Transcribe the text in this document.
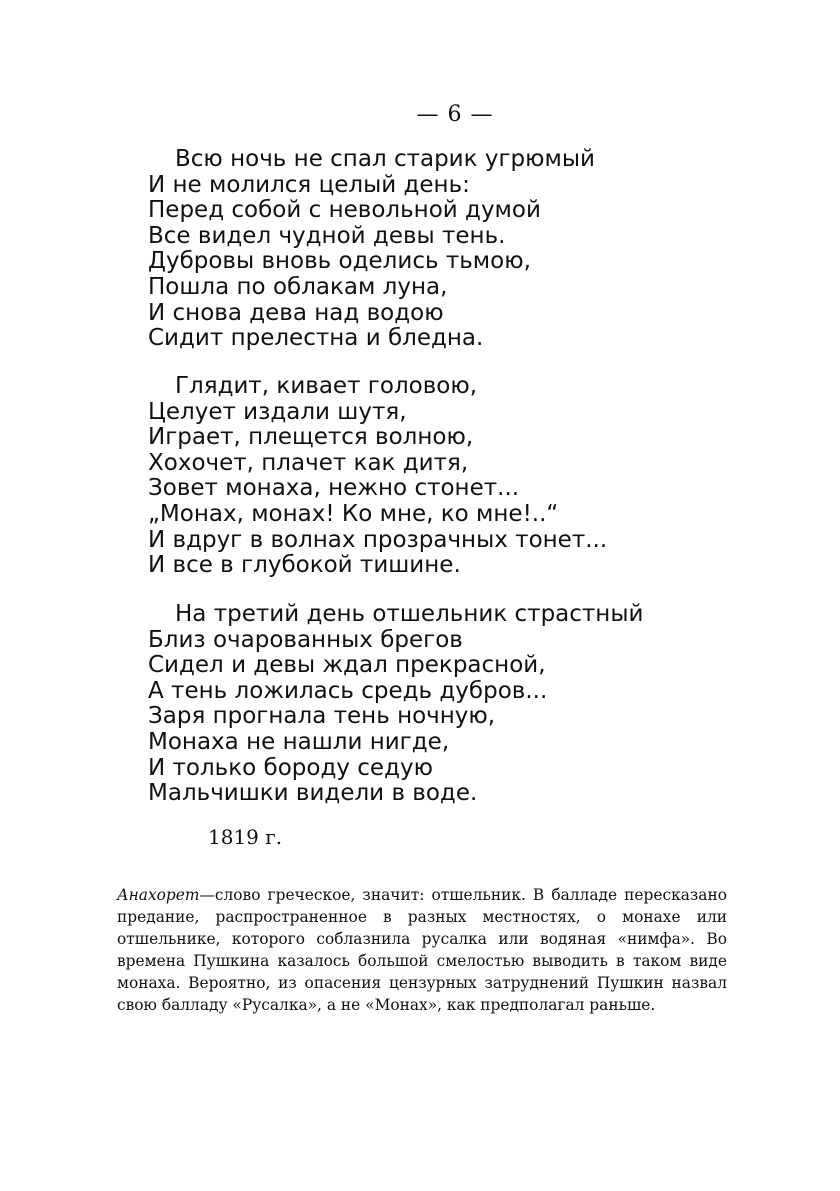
— 6 —
Всю ночь не спал старик угрюмый
И не молился целый день:
Перед собой с невольной думой
Все видел чудной девы тень.
Дубровы вновь оделись тьмою,
Пошла по облакам луна,
И снова дева над водою
Сидит прелестна и бледна.
Глядит, кивает головою,
Целует издали шутя,
Играет, плещется волною,
Хохочет, плачет как дитя,
Зовет монаха, нежно стонет...
„Монах, монах! Ко мне, ко мне!..“
И вдруг в волнах прозрачных тонет...
И все в глубокой тишине.
На третий день отшельник страстный
Близ очарованных брегов
Сидел и девы ждал прекрасной,
А тень ложилась средь дубров...
Заря прогнала тень ночную,
Монаха не нашли нигде,
И только бороду седую
Мальчишки видели в воде.
1819 г.
Анахорет—слово греческое, значит: отшельник. В балладе пересказано предание, распространенное в разных местностях, о монахе или отшельнике, которого соблазнила русалка или водяная «нимфа». Во времена Пушкина казалось большой смелостью выводить в таком виде монаха. Вероятно, из опасения цензурных затруднений Пушкин назвал свою балладу «Русалка», а не «Монах», как предполагал раньше.
